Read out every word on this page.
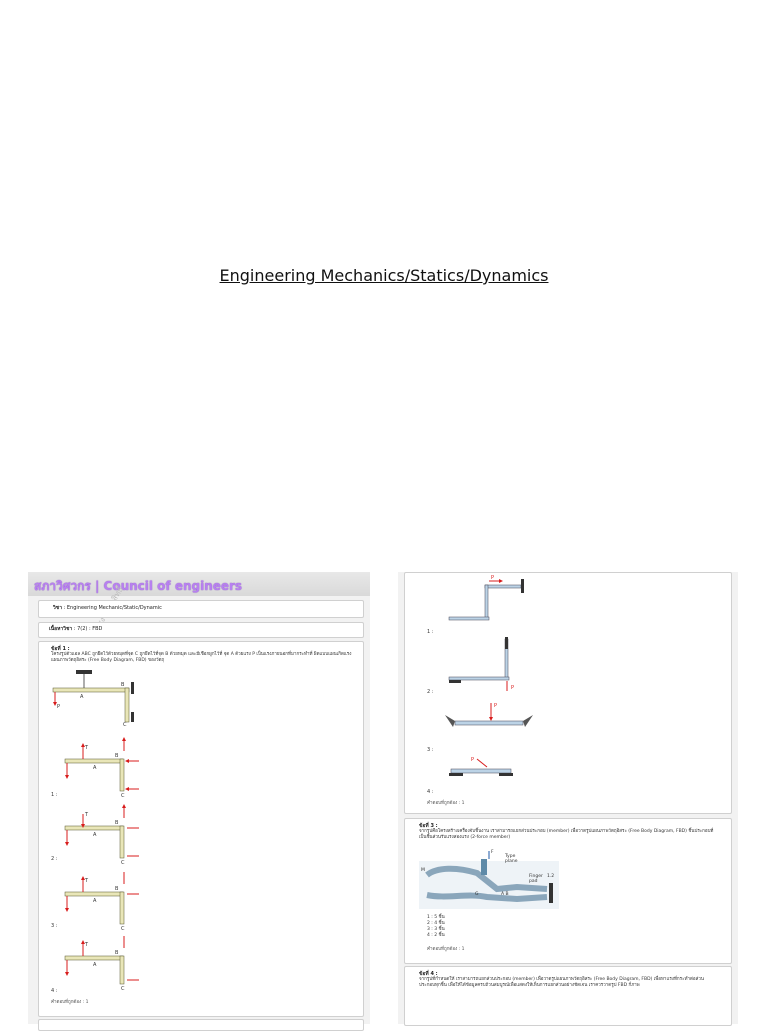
Engineering Mechanics/Statics/Dynamics
สภาวิศวกร | Council of engineers
วิชา : Engineering Mechanic/Static/Dynamic
เนื้อหาวิชา : 7(2) : FBD
ข้อที่ 1 :
โครงรูปตัวแอล ABC ถูกยึดไว้ด้วยหมุดที่จุด C ถูกยึดไว้ที่จุด B ด้วยหมุด และมีเชือกผูกไว้ที่ จุด A ด้วยแรง P เป็นแรงภายนอกที่มากระทำที่ ผิดแบบแผนเกิดแรง แผนภาพวัตถุอิสระ (Free Body Diagram, FBD) ของวัตถุ
P
A
B
C
T
A
B
C
1 :
T
A
B
C
2 :
T
A
B
C
3 :
T
A
B
C
4 :
คำตอบที่ถูกต้อง : 1
P
1 :
P
2 :
P
3 :
P
4 :
คำตอบที่ถูกต้อง : 1
ข้อที่ 3 :
จากรูปคือโครงสร้างเครื่องจับชิ้นงาน เราสามารถแยกส่วนประกอบ (member) เพื่อวาดรูปแผนภาพวัตถุอิสระ (Free Body Diagram, FBD) ชิ้นประกอบที่เป็นชิ้นส่วนรับแรงสองแรง (2-force member)
F
Type
plane
Finger
pad
1.2
M
A B
G
1 : 5 ชิ้น
2 : 4 ชิ้น
3 : 3 ชิ้น
4 : 2 ชิ้น
คำตอบที่ถูกต้อง : 1
ข้อที่ 4 :
จากรูปที่กำหนดให้ เราสามารถแยกส่วนประกอบ (member) เพื่อวาดรูปแผนภาพวัตถุอิสระ (Free Body Diagram, FBD) เพื่อหาแรงที่กระทำต่อส่วนประกอบทุกชิ้น เพื่อให้ได้ข้อมูลครบถ้วนสมบูรณ์เพื่อแสดงให้เห็นการแยกส่วนอย่างชัดเจน เราควรวาดรูป FBD กี่ภาพ
